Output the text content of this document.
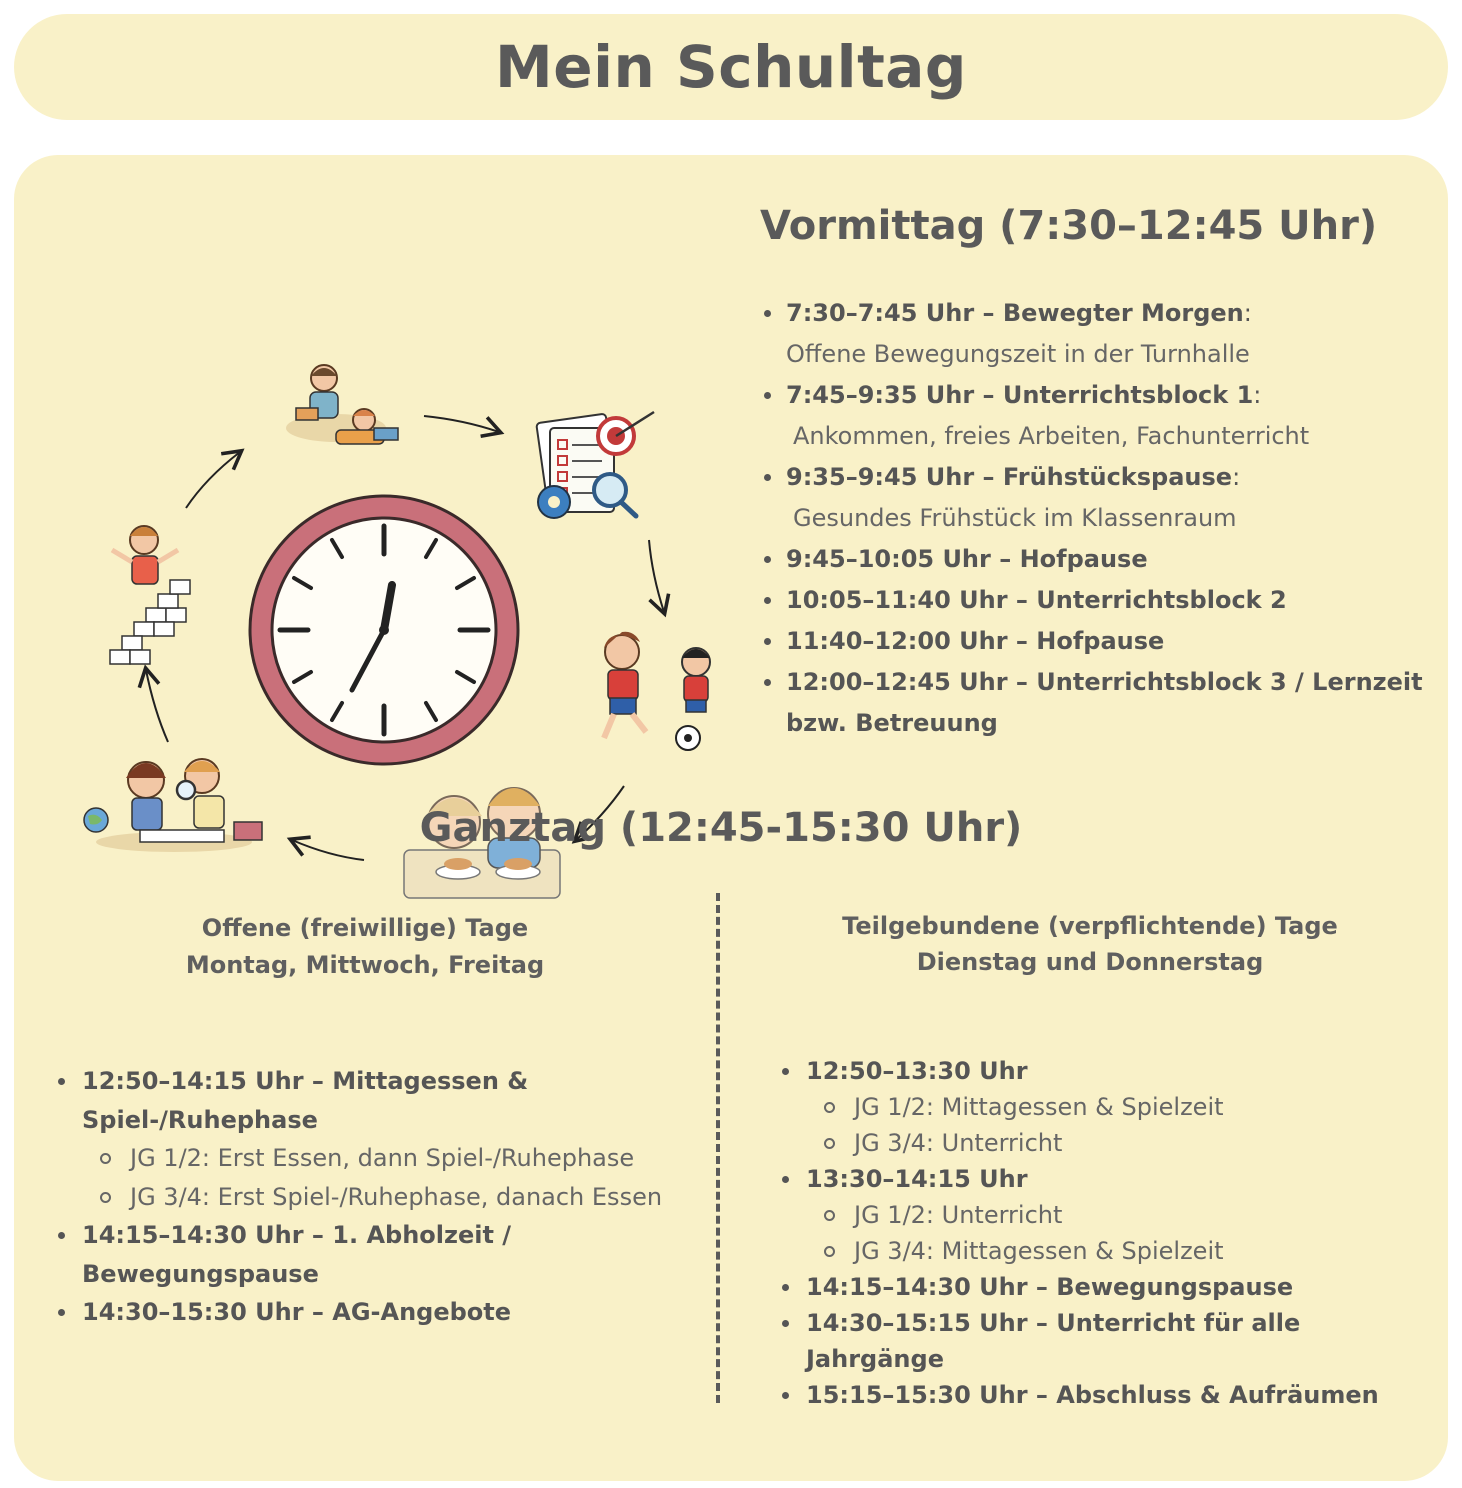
Mein Schultag
Vormittag (7:30–12:45 Uhr)
7:30–7:45 Uhr – Bewegter Morgen:
Offene Bewegungszeit in der Turnhalle
7:45–9:35 Uhr – Unterrichtsblock 1:
Ankommen, freies Arbeiten, Fachunterricht
9:35–9:45 Uhr – Frühstückspause:
Gesundes Frühstück im Klassenraum
9:45–10:05 Uhr – Hofpause
10:05–11:40 Uhr – Unterrichtsblock 2
11:40–12:00 Uhr – Hofpause
12:00–12:45 Uhr – Unterrichtsblock 3 / Lernzeit bzw. Betreuung
Ganztag (12:45-15:30 Uhr)
Offene (freiwillige) Tage
Montag, Mittwoch, Freitag
Teilgebundene (verpflichtende) Tage
Dienstag und Donnerstag
12:50–14:15 Uhr – Mittagessen & Spiel-/Ruhephase
JG 1/2: Erst Essen, dann Spiel-/Ruhephase
JG 3/4: Erst Spiel-/Ruhephase, danach Essen
14:15–14:30 Uhr – 1. Abholzeit / Bewegungspause
14:30–15:30 Uhr – AG-Angebote
12:50–13:30 Uhr
JG 1/2: Mittagessen & Spielzeit
JG 3/4: Unterricht
13:30–14:15 Uhr
JG 1/2: Unterricht
JG 3/4: Mittagessen & Spielzeit
14:15–14:30 Uhr – Bewegungspause
14:30–15:15 Uhr – Unterricht für alle Jahrgänge
15:15–15:30 Uhr – Abschluss & Aufräumen
